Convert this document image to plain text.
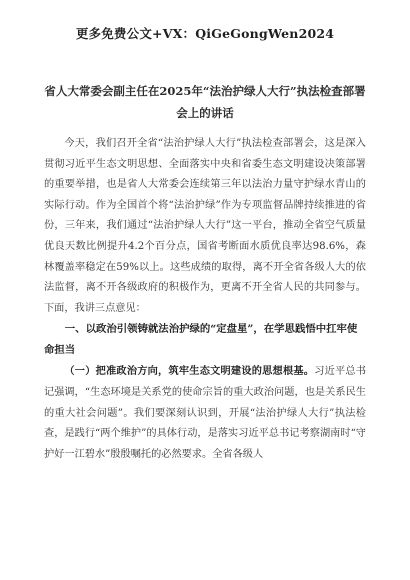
更多免费公文+VX：QiGeGongWen2024
省人大常委会副主任在2025年“法治护绿人大行”执法检查部署会上的讲话

今天，我们召开全省“法治护绿人大行”执法检查部署会，这是深入贯彻习近平生态文明思想、全面落实中央和省委生态文明建设决策部署的重要举措，也是省人大常委会连续第三年以法治力量守护绿水青山的实际行动。作为全国首个将“法治护绿”作为专项监督品牌持续推进的省份，三年来，我们通过“法治护绿人大行”这一平台，推动全省空气质量优良天数比例提升4.2个百分点，国省考断面水质优良率达98.6%，森林覆盖率稳定在59%以上。这些成绩的取得，离不开全省各级人大的依法监督，离不开各级政府的积极作为，更离不开全省人民的共同参与。下面，我讲三点意见：

一、以政治引领铸就法治护绿的“定盘星”，在学思践悟中扛牢使命担当

（一）把准政治方向，筑牢生态文明建设的思想根基。习近平总书记强调，“生态环境是关系党的使命宗旨的重大政治问题，也是关系民生的重大社会问题”。我们要深刻认识到，开展“法治护绿人大行”执法检查，是践行“两个维护”的具体行动，是落实习近平总书记考察湖南时“守护好一江碧水”殷殷嘱托的必然要求。全省各级人
